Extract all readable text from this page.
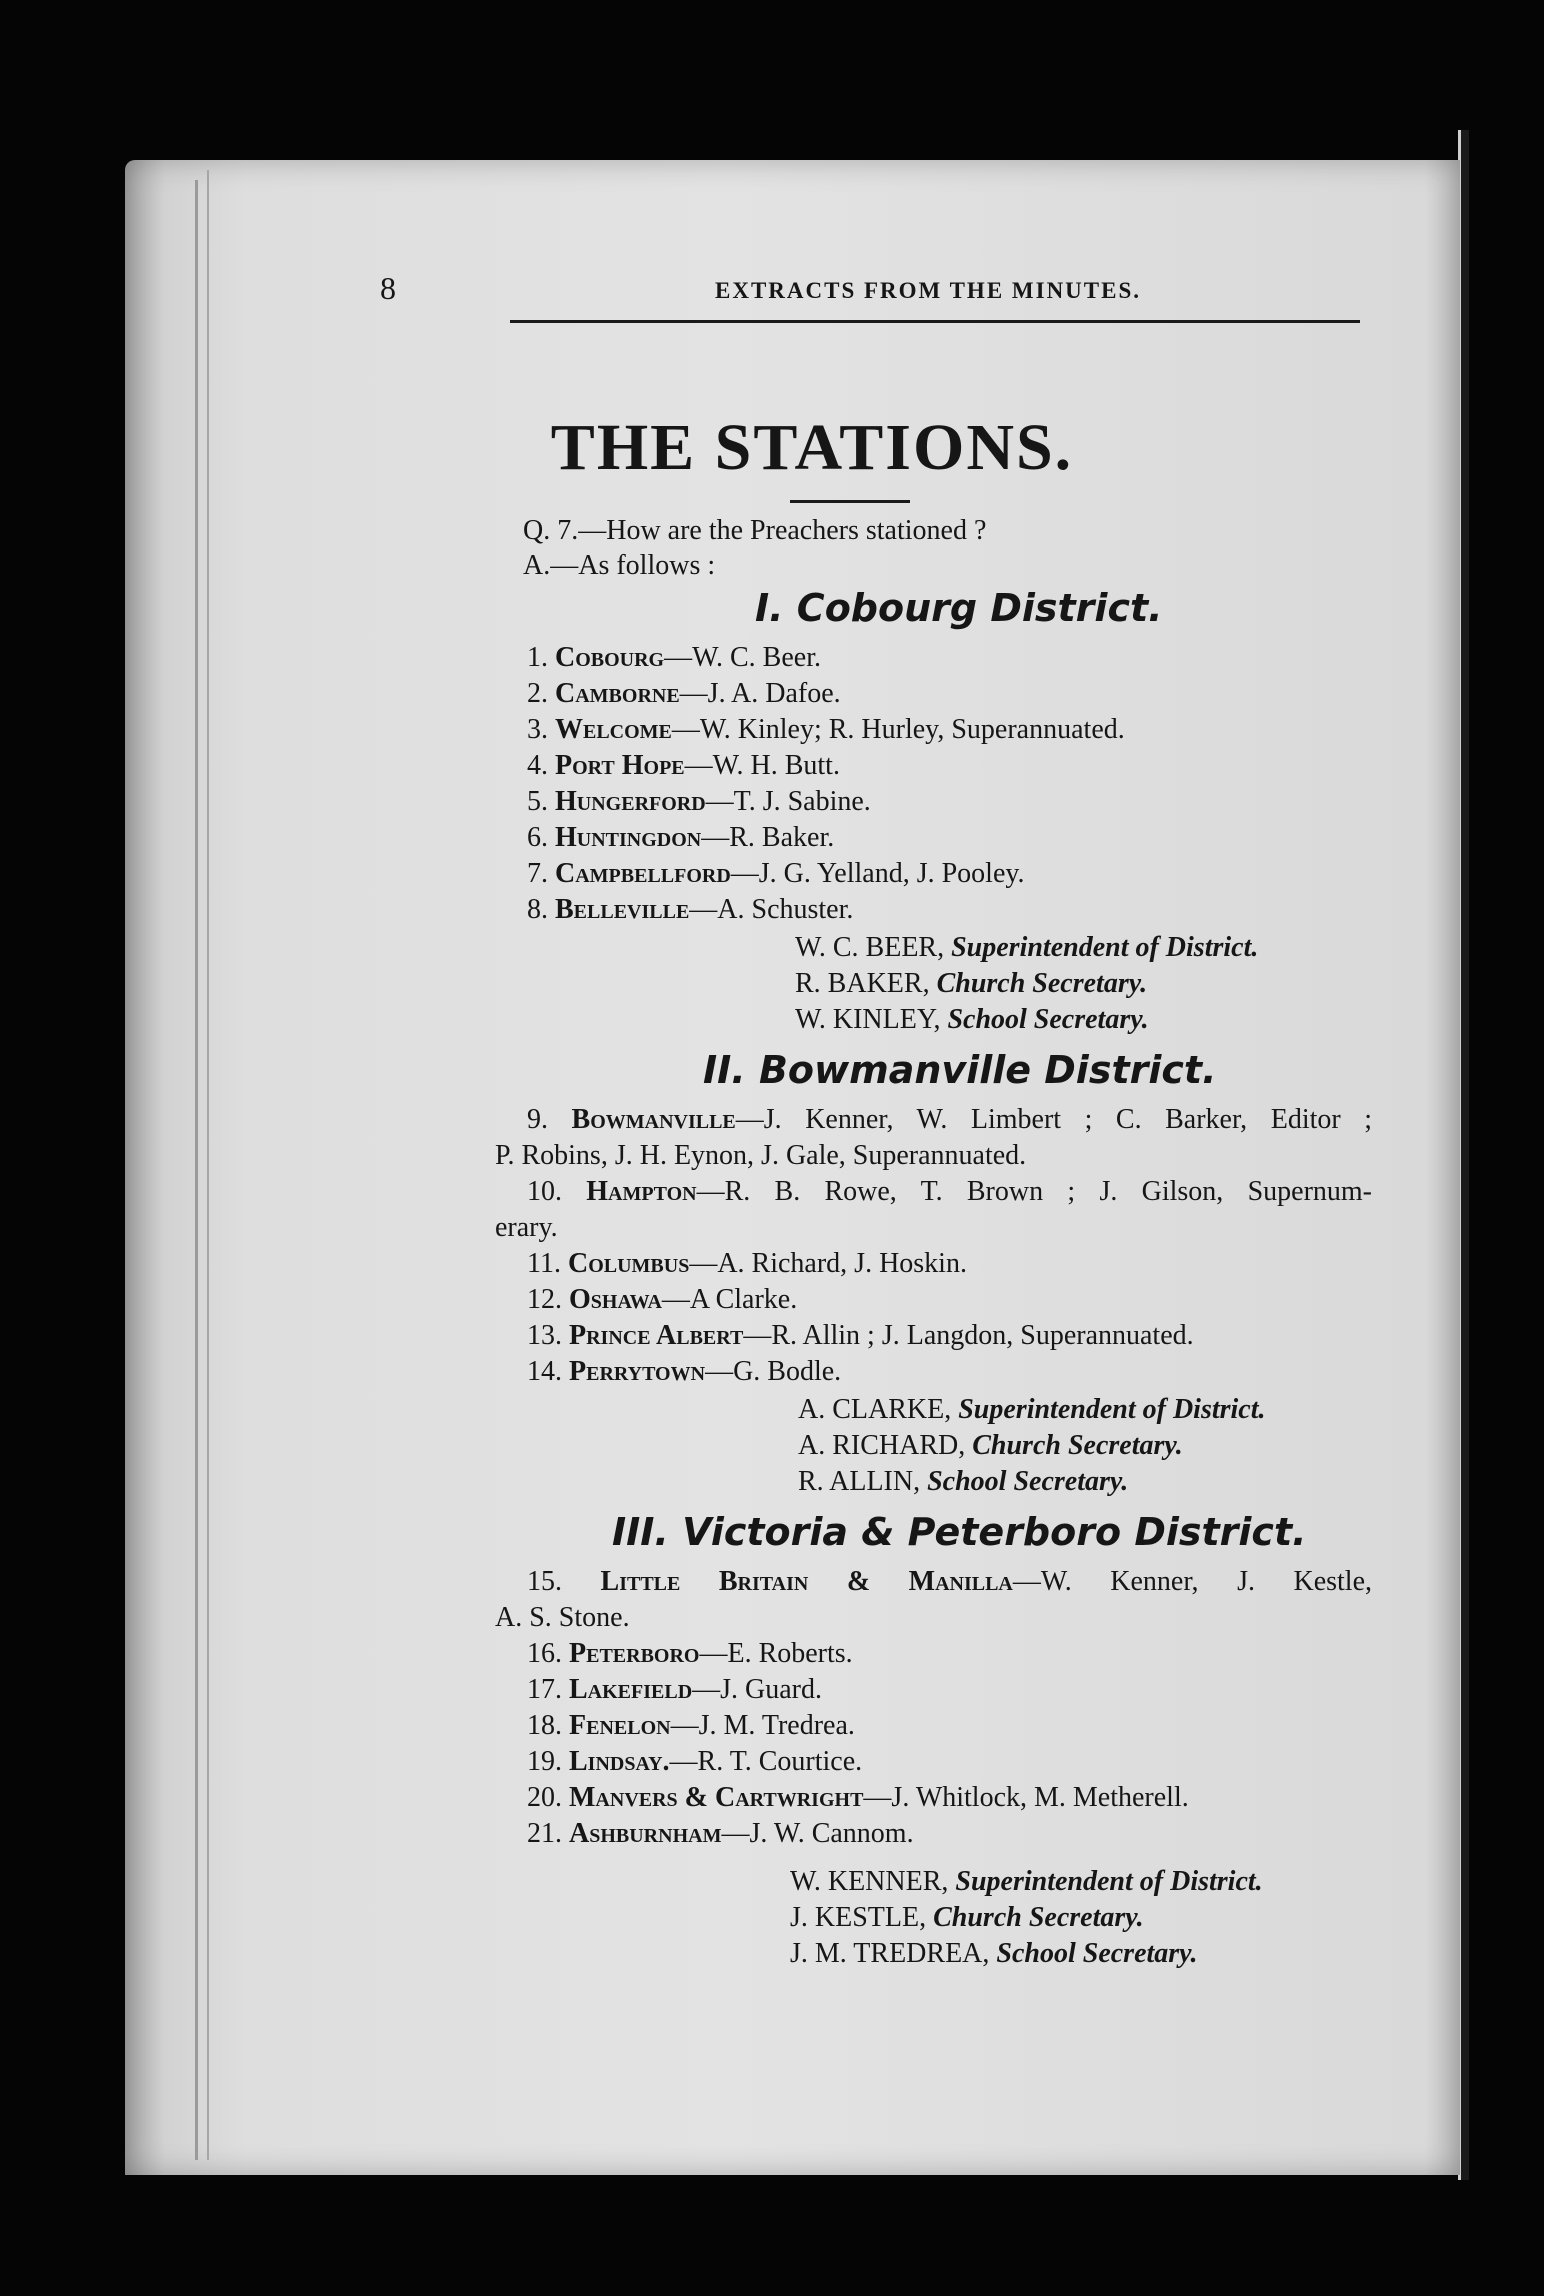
8	EXTRACTS FROM THE MINUTES.
THE STATIONS.
Q. 7.—How are the Preachers stationed ?
A.—As follows :
I. Cobourg District.
1. Cobourg—W. C. Beer.
2. Camborne—J. A. Dafoe.
3. Welcome—W. Kinley; R. Hurley, Superannuated.
4. Port Hope—W. H. Butt.
5. Hungerford—T. J. Sabine.
6. Huntingdon—R. Baker.
7. Campbellford—J. G. Yelland, J. Pooley.
8. Belleville—A. Schuster.
W. C. BEER, Superintendent of District.
R. BAKER, Church Secretary.
W. KINLEY, School Secretary.
II. Bowmanville District.
9. Bowmanville—J. Kenner, W. Limbert ; C. Barker, Editor ;
P. Robins, J. H. Eynon, J. Gale, Superannuated.
10. Hampton—R. B. Rowe, T. Brown ; J. Gilson, Supernum-
erary.
11. Columbus—A. Richard, J. Hoskin.
12. Oshawa—A Clarke.
13. Prince Albert—R. Allin ; J. Langdon, Superannuated.
14. Perrytown—G. Bodle.
A. CLARKE, Superintendent of District.
A. RICHARD, Church Secretary.
R. ALLIN, School Secretary.
III. Victoria & Peterboro District.
15. Little Britain & Manilla—W. Kenner, J. Kestle,
A. S. Stone.
16. Peterboro—E. Roberts.
17. Lakefield—J. Guard.
18. Fenelon—J. M. Tredrea.
19. Lindsay.—R. T. Courtice.
20. Manvers & Cartwright—J. Whitlock, M. Metherell.
21. Ashburnham—J. W. Cannom.
W. KENNER, Superintendent of District.
J. KESTLE, Church Secretary.
J. M. TREDREA, School Secretary.
